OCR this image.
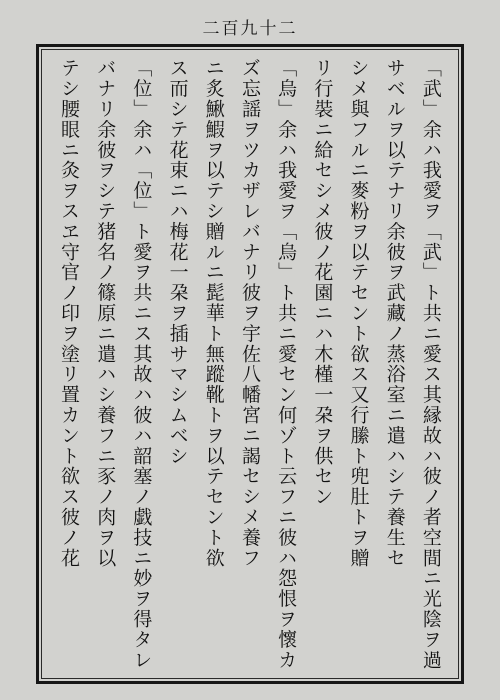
二百九十二
「武」余ハ我愛ヲ「武」ト共ニ愛ス其縁故ハ彼ノ者空間ニ光陰ヲ過
サベルヲ以テナリ余彼ヲ武藏ノ蒸浴室ニ遣ハシテ養生セ
シメ與フルニ麥粉ヲ以テセント欲ス又行縢ト兜肚トヲ贈
リ行裝ニ給セシメ彼ノ花園ニハ木槿一朶ヲ供セン
「烏」余ハ我愛ヲ「烏」ト共ニ愛セン何ゾト云フニ彼ハ怨恨ヲ懷カ
ズ忘謡ヲツカザレバナリ彼ヲ宇佐八幡宮ニ謁セシメ養フ
ニ炙鰍鰕ヲ以テシ贈ルニ髭華ト無蹤靴トヲ以テセント欲
ス而シテ花束ニハ梅花一朶ヲ插サマシムベシ
「位」余ハ「位」ト愛ヲ共ニス其故ハ彼ハ韶塞ノ戯技ニ妙ヲ得タレ
バナリ余彼ヲシテ猪名ノ篠原ニ遣ハシ養フニ豕ノ肉ヲ以
テシ腰眼ニ灸ヲスヱ守官ノ印ヲ塗リ置カント欲ス彼ノ花
